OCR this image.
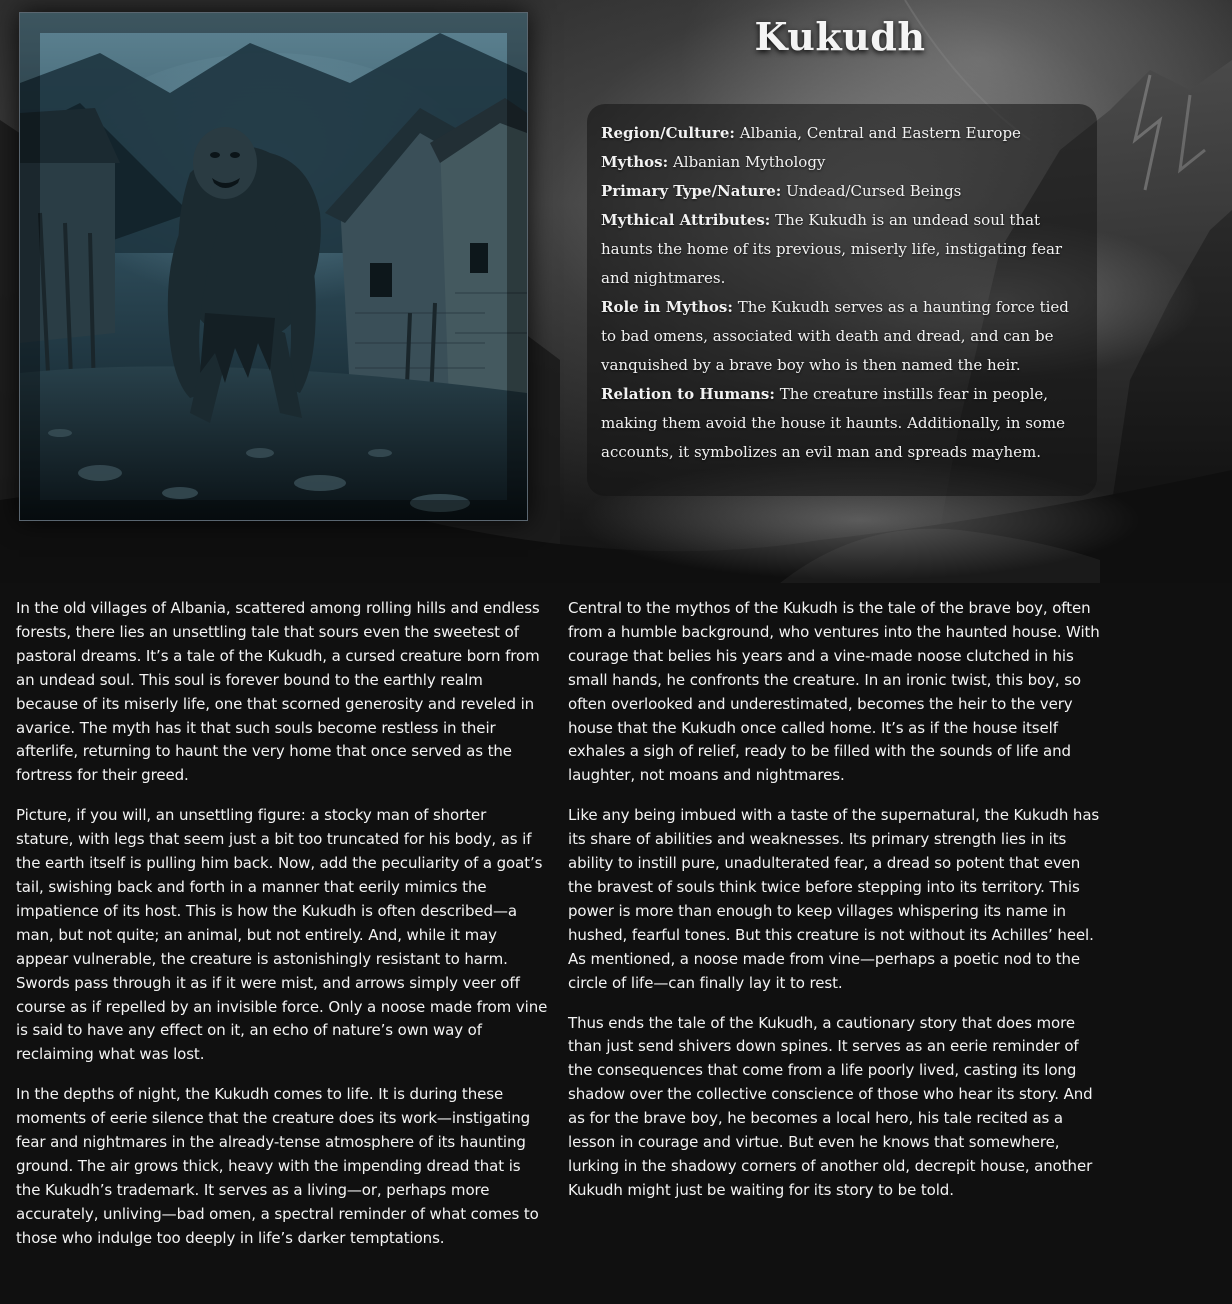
Kukudh

Region/Culture: Albania, Central and Eastern Europe

Mythos: Albanian Mythology

Primary Type/Nature: Undead/Cursed Beings

Mythical Attributes: The Kukudh is an undead soul that haunts the home of its previous, miserly life, instigating fear and nightmares.

Role in Mythos: The Kukudh serves as a haunting force tied to bad omens, associated with death and dread, and can be vanquished by a brave boy who is then named the heir.

Relation to Humans: The creature instills fear in people, making them avoid the house it haunts. Additionally, in some accounts, it symbolizes an evil man and spreads mayhem.

In the old villages of Albania, scattered among rolling hills and endless forests, there lies an unsettling tale that sours even the sweetest of pastoral dreams. It’s a tale of the Kukudh, a cursed creature born from an undead soul. This soul is forever bound to the earthly realm because of its miserly life, one that scorned generosity and reveled in avarice. The myth has it that such souls become restless in their afterlife, returning to haunt the very home that once served as the fortress for their greed.

Picture, if you will, an unsettling figure: a stocky man of shorter stature, with legs that seem just a bit too truncated for his body, as if the earth itself is pulling him back. Now, add the peculiarity of a goat’s tail, swishing back and forth in a manner that eerily mimics the impatience of its host. This is how the Kukudh is often described—a man, but not quite; an animal, but not entirely. And, while it may appear vulnerable, the creature is astonishingly resistant to harm. Swords pass through it as if it were mist, and arrows simply veer off course as if repelled by an invisible force. Only a noose made from vine is said to have any effect on it, an echo of nature’s own way of reclaiming what was lost.

In the depths of night, the Kukudh comes to life. It is during these moments of eerie silence that the creature does its work—instigating fear and nightmares in the already-tense atmosphere of its haunting ground. The air grows thick, heavy with the impending dread that is the Kukudh’s trademark. It serves as a living—or, perhaps more accurately, unliving—bad omen, a spectral reminder of what comes to those who indulge too deeply in life’s darker temptations.

Central to the mythos of the Kukudh is the tale of the brave boy, often from a humble background, who ventures into the haunted house. With courage that belies his years and a vine-made noose clutched in his small hands, he confronts the creature. In an ironic twist, this boy, so often overlooked and underestimated, becomes the heir to the very house that the Kukudh once called home. It’s as if the house itself exhales a sigh of relief, ready to be filled with the sounds of life and laughter, not moans and nightmares.

Like any being imbued with a taste of the supernatural, the Kukudh has its share of abilities and weaknesses. Its primary strength lies in its ability to instill pure, unadulterated fear, a dread so potent that even the bravest of souls think twice before stepping into its territory. This power is more than enough to keep villages whispering its name in hushed, fearful tones. But this creature is not without its Achilles’ heel. As mentioned, a noose made from vine—perhaps a poetic nod to the circle of life—can finally lay it to rest.

Thus ends the tale of the Kukudh, a cautionary story that does more than just send shivers down spines. It serves as an eerie reminder of the consequences that come from a life poorly lived, casting its long shadow over the collective conscience of those who hear its story. And as for the brave boy, he becomes a local hero, his tale recited as a lesson in courage and virtue. But even he knows that somewhere, lurking in the shadowy corners of another old, decrepit house, another Kukudh might just be waiting for its story to be told.
